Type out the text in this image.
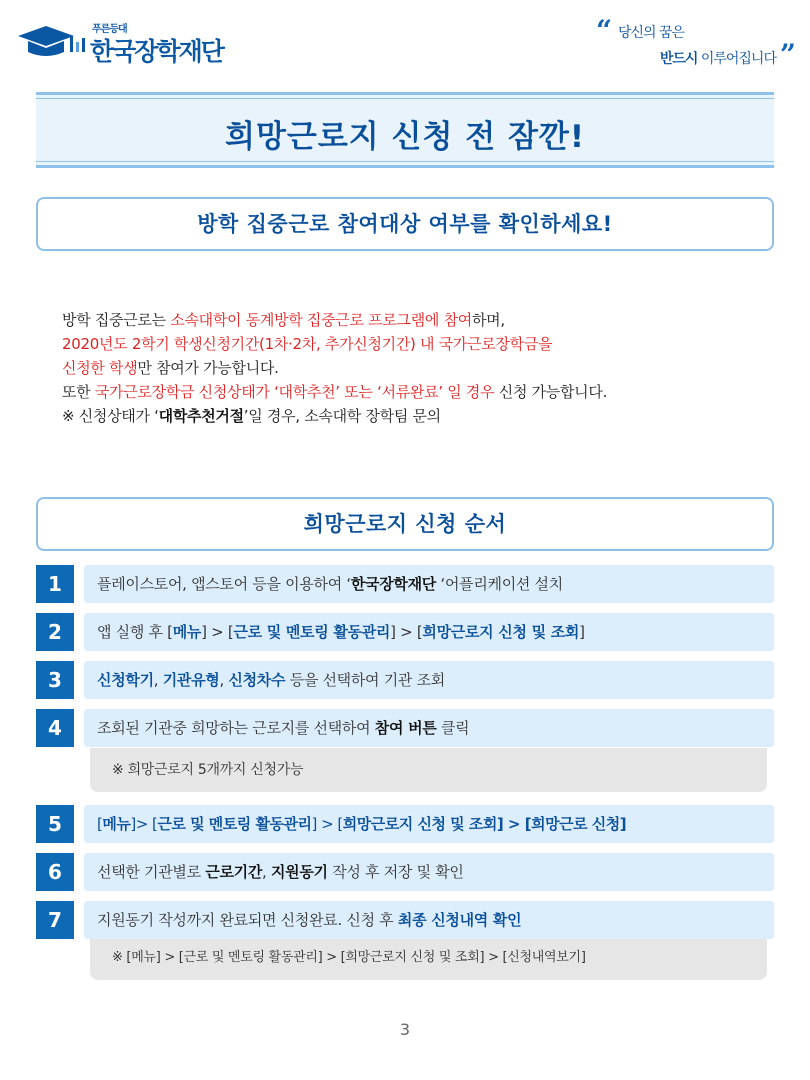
푸른등대
한국장학재단
“ 당신의 꿈은
반드시 이루어집니다 ”
희망근로지 신청 전 잠깐!
방학 집중근로 참여대상 여부를 확인하세요!

방학 집중근로는 소속대학이 동계방학 집중근로 프로그램에 참여하며,

2020년도 2학기 학생신청기간(1차·2차, 추가신청기간) 내 국가근로장학금을

신청한 학생만 참여가 가능합니다.

또한 국가근로장학금 신청상태가 ‘대학추천’ 또는 ‘서류완료’ 일 경우 신청 가능합니다.

※ 신청상태가 ‘대학추천거절’일 경우, 소속대학 장학팀 문의

희망근로지 신청 순서
1	플레이스토어, 앱스토어 등을 이용하여 ‘한국장학재단 ‘어플리케이션 설치
2	앱 실행 후 [메뉴] > [근로 및 멘토링 활동관리] > [희망근로지 신청 및 조회]
3	신청학기, 기관유형, 신청차수 등을 선택하여 기관 조회
※ 희망근로지 5개까지 신청가능
4	조회된 기관중 희망하는 근로지를 선택하여 참여 버튼 클릭
5	[메뉴]> [근로 및 멘토링 활동관리] > [희망근로지 신청 및 조회] > [희망근로 신청]
6	선택한 기관별로 근로기간, 지원동기 작성 후 저장 및 확인
※ [메뉴] > [근로 및 멘토링 활동관리] > [희망근로지 신청 및 조회] > [신청내역보기]
7	지원동기 작성까지 완료되면 신청완료. 신청 후 최종 신청내역 확인
3
